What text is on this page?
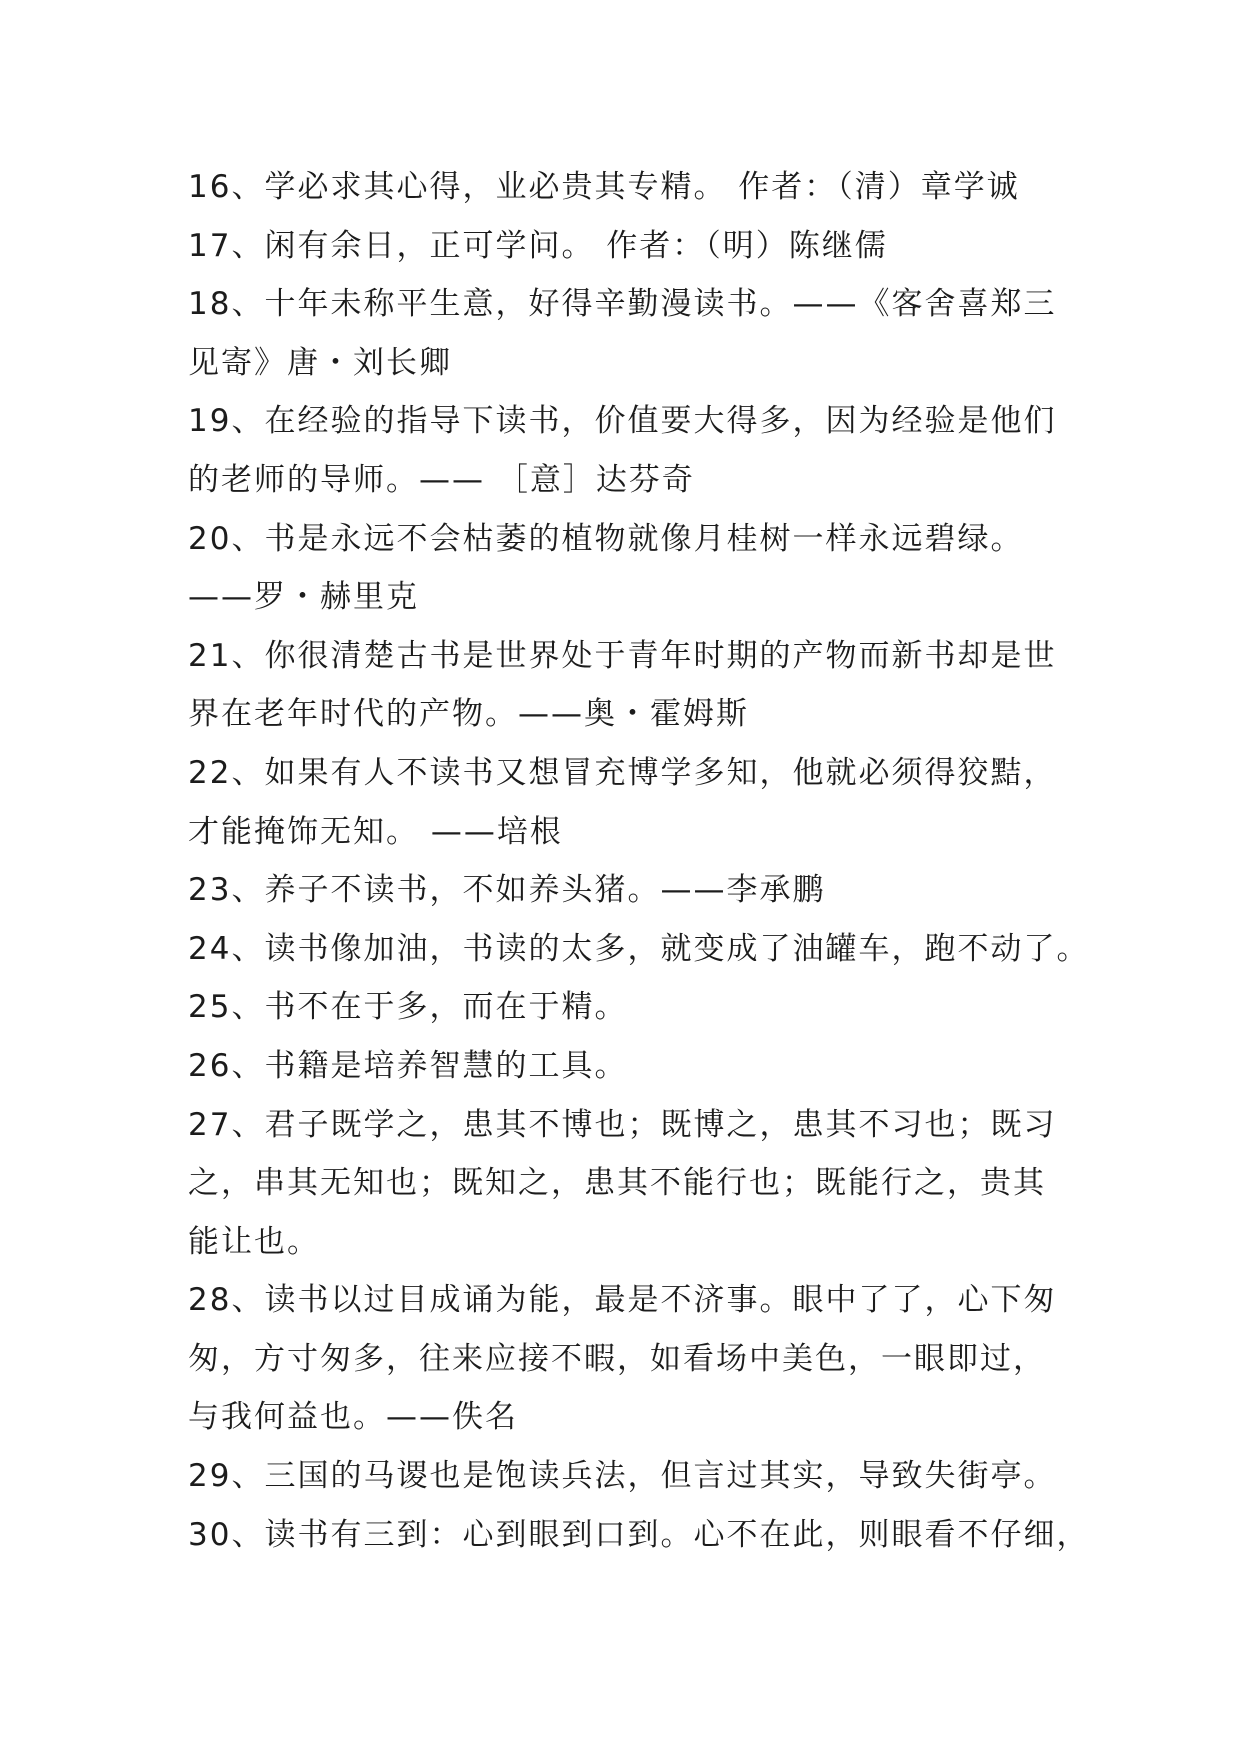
16、学必求其心得，业必贵其专精。 作者：（清）章学诚
17、闲有余日，正可学问。 作者：（明）陈继儒
18、十年未称平生意，好得辛勤漫读书。——《客舍喜郑三
见寄》唐・刘长卿
19、在经验的指导下读书，价值要大得多，因为经验是他们
的老师的导师。—— ［意］达芬奇
20、书是永远不会枯萎的植物就像月桂树一样永远碧绿。
——罗・赫里克
21、你很清楚古书是世界处于青年时期的产物而新书却是世
界在老年时代的产物。——奥・霍姆斯
22、如果有人不读书又想冒充博学多知，他就必须得狡黠，
才能掩饰无知。 ——培根
23、养子不读书，不如养头猪。——李承鹏
24、读书像加油，书读的太多，就变成了油罐车，跑不动了。
25、书不在于多，而在于精。
26、书籍是培养智慧的工具。
27、君子既学之，患其不博也；既博之，患其不习也；既习
之，串其无知也；既知之，患其不能行也；既能行之，贵其
能让也。
28、读书以过目成诵为能，最是不济事。眼中了了，心下匆
匆，方寸匆多，往来应接不暇，如看场中美色，一眼即过，
与我何益也。——佚名
29、三国的马谡也是饱读兵法，但言过其实，导致失街亭。
30、读书有三到：心到眼到口到。心不在此，则眼看不仔细，
